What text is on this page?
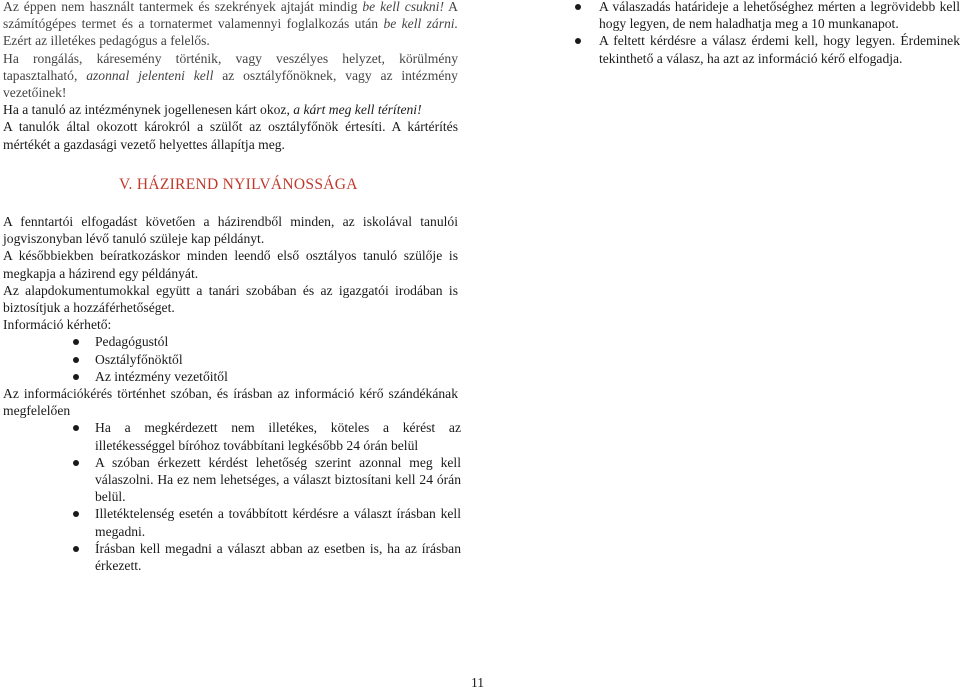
Az éppen nem használt tantermek és szekrények ajtaját mindig be kell csukni! A számítógépes termet és a tornatermet valamennyi foglalkozás után be kell zárni. Ezért az illetékes pedagógus a felelős.

Ha rongálás, káresemény történik, vagy veszélyes helyzet, körülmény tapasztalható, azonnal jelenteni kell az osztályfőnöknek, vagy az intézmény vezetőinek!

Ha a tanuló az intézménynek jogellenesen kárt okoz, a kárt meg kell téríteni!

A tanulók által okozott károkról a szülőt az osztályfőnök értesíti. A kártérítés mértékét a gazdasági vezető helyettes állapítja meg.

V. HÁZIREND NYILVÁNOSSÁGA

A fenntartói elfogadást követően a házirendből minden, az iskolával tanulói jogviszonyban lévő tanuló szüleje kap példányt.

A későbbiekben beíratkozáskor minden leendő első osztályos tanuló szülője is megkapja a házirend egy példányát.

Az alapdokumentumokkal együtt a tanári szobában és az igazgatói irodában is biztosítjuk a hozzáférhetőséget.

Információ kérhető:

Pedagógustól
Osztályfőnöktől
Az intézmény vezetőitől

Az információkérés történhet szóban, és írásban az információ kérő szándékának megfelelően

Ha a megkérdezett nem illetékes, köteles a kérést az illetékességgel bíróhoz továbbítani legkésőbb 24 órán belül
A szóban érkezett kérdést lehetőség szerint azonnal meg kell válaszolni. Ha ez nem lehetséges, a választ biztosítani kell 24 órán belül.
Illetéktelenség esetén a továbbított kérdésre a választ írásban kell megadni.
Írásban kell megadni a választ abban az esetben is, ha az írásban érkezett.
A válaszadás határideje a lehetőséghez mérten a legrövidebb kell hogy legyen, de nem haladhatja meg a 10 munkanapot.
A feltett kérdésre a válasz érdemi kell, hogy legyen. Érdeminek tekinthető a válasz, ha azt az információ kérő elfogadja.
11
